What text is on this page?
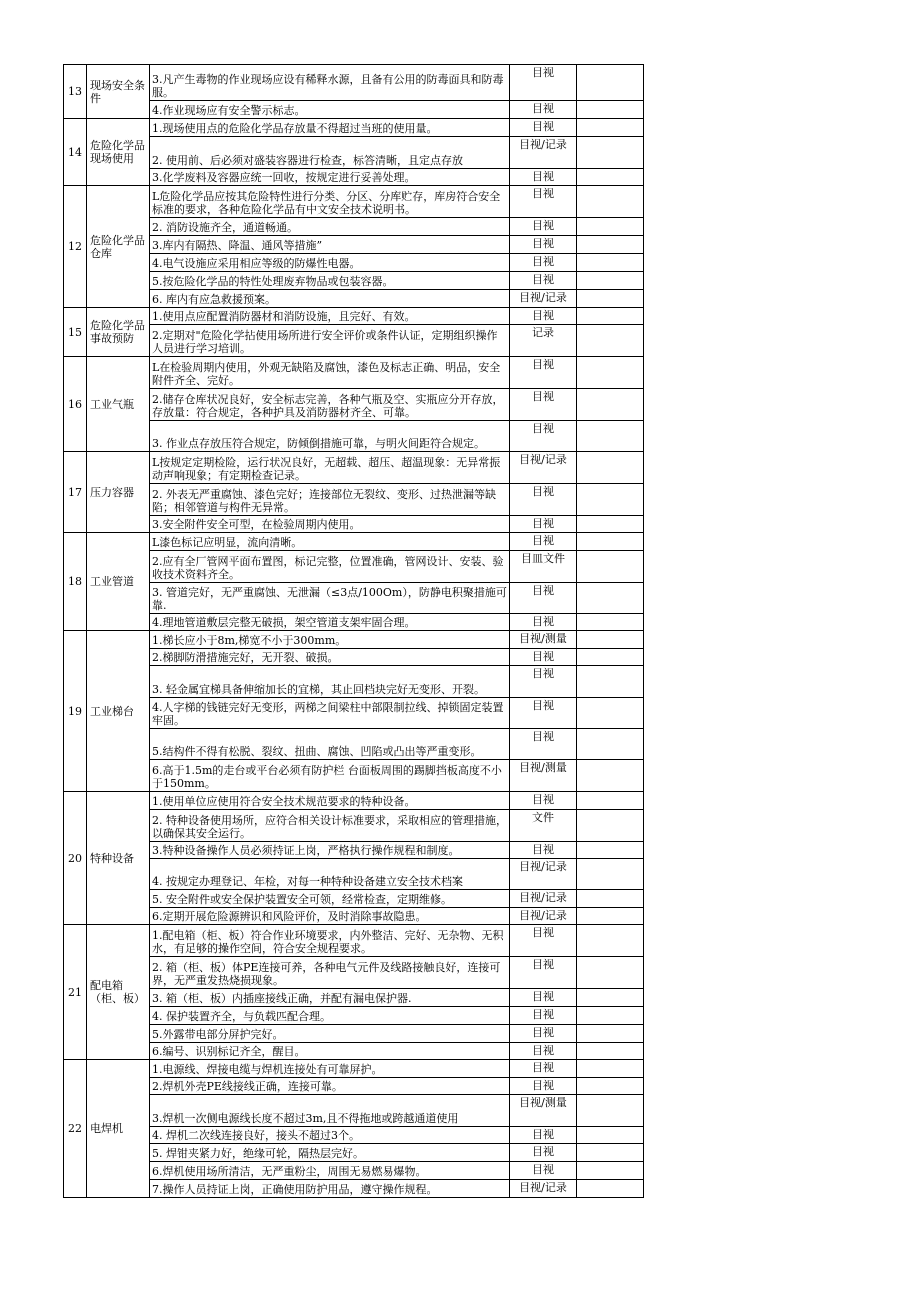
13	现场安全条件	3.凡产生毒物的作业现场应设有稀释水源，且备有公用的防毒面具和防毒服。	目视	
		4.作业现场应有安全警示标志。	目视	
14	危险化学品现场使用	1.现场使用点的危险化学品存放量不得超过当班的使用量。	目视	
		2. 使用前、后必须对盛装容器进行检查，标答清晰，且定点存放	目视/记录	
		3.化学废料及容器应统一回收，按规定进行妥善处理。	目视	
12	危险化学品仓库	L危险化学品应按其危险特性进行分类、分区、分库贮存，库房符合安全标准的要求，各种危险化学品有中文安全技术说明书。	目视	
		2. 消防设施齐全，通道畅通。	目视	
		3.库内有隔热、降温、通风等措施”	目视	
		4.电气设施应采用相应等级的防爆性电器。	目视	
		5.按危险化学品的特性处理废弃物品或包装容器。	目视	
		6. 库内有应急救援预案。	目视/记录	
15	危险化学品事故预防	1.使用点应配置消防器材和消防设施，且完好、有效。	目视	
		2.定期对"危险化学拈使用场所进行安全评价或条件认证，定期组织操作人员进行学习培训。	记录	
16	工业气瓶	L在检验周期内使用，外观无缺陷及腐蚀，漆色及标志正确、明品，安全附件齐全、完好。	目视	
		2.储存仓库状况良好，安全标志完善，各种气瓶及空、实瓶应分开存放，存放量：符合规定，各种护具及消防器材齐全、可靠。	目视	
		3. 作业点存放压符合规定，防倾倒措施可靠，与明火间距符合规定。	目视	
17	压力容器	L按规定定期检险，运行状况良好，无超载、超压、超温现象：无异常振动声响现象；有定期检查记录。	目视/记录	
		2. 外表无严重腐蚀、漆色完好；连接部位无裂纹、变形、过热泄漏等缺陷；相邻管道与构件无异常。	目视	
		3.安全附件安全可型，在检验周期内使用。	目视	
18	工业管道	L漆色标记应明显，流向清晰。	目视	
		2.应有全厂管网平面布置图，标记完整，位置准确，管网设计、安装、验收技术资料齐全。	目皿文件	
		3. 管道完好，无严重腐蚀、无泄漏（≤3点/100Om），防静电积聚措施可靠.	目视	
		4.理地管道敷层完整无破损，架空管道支架牢固合理。	目视	
19	工业梯台	1.梯长应小于8m,梯宽不小于300mm。	目视/测量	
		2.梯脚防滑措施完好，无开裂、破损。	目视	
		3. 轻金属宜梯具备伸缩加长的宜梯，其止回档块完好无变形、开裂。	目视	
		4.人字梯的钱链完好无变形，两梯之间梁柱中部限制拉线、掉锁固定装置牢固。	目视	
		5.结构件不得有松脱、裂纹、扭曲、腐蚀、凹陷或凸出等严重变形。	目视	
		6.高于1.5m的走台或平台必须有防护栏 台面板周围的踢脚挡板高度不小于150mm。	目视/测量	
20	特种设备	1.使用单位应使用符合安全技术规范要求的特种设备。	目视	
		2. 特种设备使用场所，应符合相关设计标准要求，采取相应的管理措施，以确保其安全运行。	文件	
		3.特种设备操作人员必须持证上岗，严格执行操作规程和制度。	目视	
		4. 按规定办理登记、年检，对每一种特种设备建立安全技术档案	目视/记录	
		5. 安全附件或安全保护装置安全可领，经常检查，定期维修。	目视/记录	
		6.定期开展危险源辨识和风险评价，及时消除事故隐患。	目视/记录	
21	配电箱（柜、板）	1.配电箱（柜、板）符合作业环境要求，内外整洁、完好、无杂物、无积水，有足够的操作空间，符合安全规程要求。	目视	
		2. 箱（柜、板）体PE连接可养，各种电气元件及线路接触良好，连接可界，无严重发热烧损现象。	目视	
		3. 箱（柜、板）内插座接线正确，并配有漏电保护器.	目视	
		4. 保护装置齐全，与负载匹配合理。	目视	
		5.外露带电部分屏护完好。	目视	
		6.编号、识别标记齐全，醒目。	目视	
22	电焊机	1.电源线、焊接电缆与焊机连接处有可靠屏护。	目视	
		2.焊机外壳PE线接线正确，连接可靠。	目视	
		3.焊机一次侧电源线长度不超过3m,且不得拖地或跨越通道使用	目视/测量	
		4. 焊机二次线连接良好，接头不超过3个。	目视	
		5. 焊钳夹紧力好，绝缘可轮，隔热层完好。	目视	
		6.焊机使用场所清洁，无严重粉尘，周围无易燃易爆物。	目视	
		7.操作人员持证上岗，正确使用防护用品，遵守操作规程。	目视/记录	
